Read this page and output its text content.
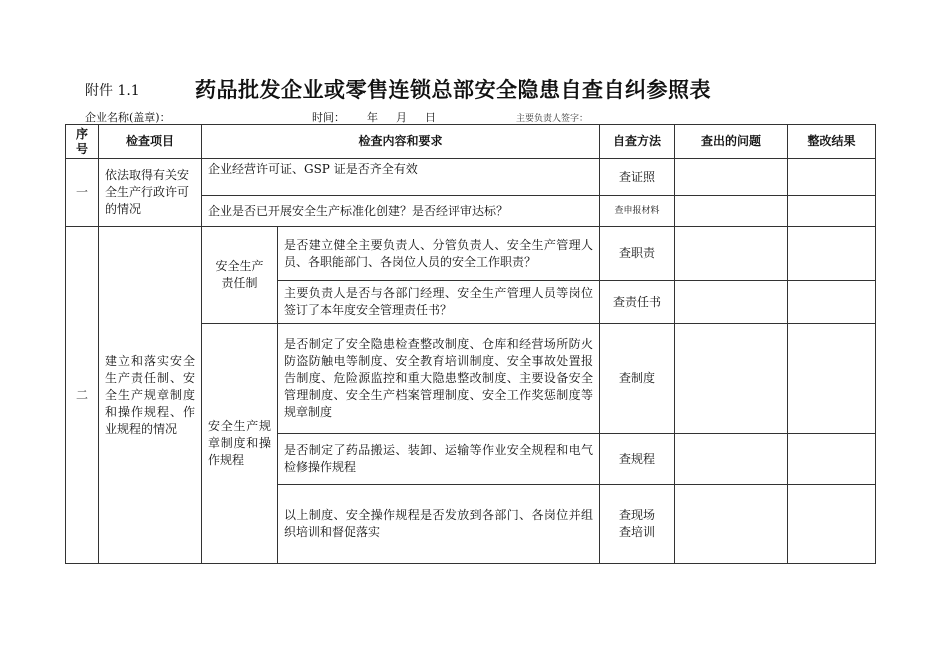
附件 1.1	药品批发企业或零售连锁总部安全隐患自查自纠参照表
企业名称(盖章)：	时间： 年 月 日	主要负责人签字：
序号	检查项目	检查内容和要求		自查方法	查出的问题	整改结果
一	依法取得有关安全生产行政许可的情况	企业经营许可证、GSP 证是否齐全有效		查证照		
		企业是否已开展安全生产标准化创建？是否经评审达标？		查申报材料		
二	建立和落实安全生产责任制、安全生产规章制度和操作规程、作业规程的情况	安全生产责任制	是否建立健全主要负责人、分管负责人、安全生产管理人员、各职能部门、各岗位人员的安全工作职责？	查职责		
			主要负责人是否与各部门经理、安全生产管理人员等岗位签订了本年度安全管理责任书？	查责任书		
		安全生产规章制度和操作规程	是否制定了安全隐患检查整改制度、仓库和经营场所防火防盗防触电等制度、安全教育培训制度、安全事故处置报告制度、危险源监控和重大隐患整改制度、主要设备安全管理制度、安全生产档案管理制度、安全工作奖惩制度等规章制度	查制度		
			是否制定了药品搬运、装卸、运输等作业安全规程和电气检修操作规程	查规程		
			以上制度、安全操作规程是否发放到各部门、各岗位并组织培训和督促落实	查现场查培训		
